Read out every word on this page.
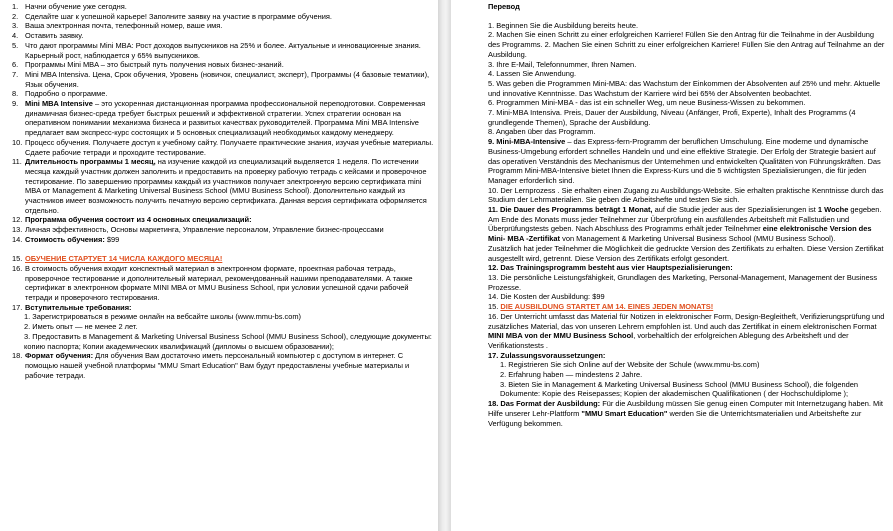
1. Начни обучение уже сегодня.
2. Сделайте шаг к успешной карьере! Заполните заявку на участие в программе обучения.
3. Ваша электронная почта, телефонный номер, ваше имя.
4. Оставить заявку.
5. Что дают программы Mini MBA: Рост доходов выпускников на 25% и более. Актуальные и инновационные знания. Карьерный рост, наблюдается у 65% выпускников.
6. Программы Mini MBA – это быстрый путь получения новых бизнес-знаний.
7. Mini MBA Intensiva. Цена, Срок обучения, Уровень (новичок, специалист, эксперт), Программы (4 базовые тематики), Язык обучения.
8. Подробно о программе.
9. Mini MBA Intensive – это ускоренная дистанционная программа профессиональной переподготовки. Современная динамичная бизнес-среда требует быстрых решений и эффективной стратегии. Успех стратегии основан на оперативном понимании механизма бизнеса и развитых качествах руководителей. Программа Mini MBA Intensive предлагает вам экспресс-курс состоящих и 5 основных специализаций необходимых каждому менеджеру.
10. Процесс обучения. Получаете доступ к учебному сайту. Получаете практические знания, изучая учебные материалы. Сдаете рабочие тетради и проходите тестирование.
11. Длительность программы 1 месяц, на изучение каждой из специализаций выделяется 1 неделя. По истечении месяца каждый участник должен заполнить и предоставить на проверку рабочую тетрадь с кейсами и проверочное тестирование. По завершению программы каждый из участников получает электронную версию сертификата mini MBA от Management & Marketing Universal Business School (MMU Business School). Дополнительно каждый из участников имеет возможность получить печатную версию сертификата. Данная версия сертификата оформляется отдельно.
12. Программа обучения состоит из 4 основных специализаций:
13. Личная эффективность, Основы маркетинга, Управление персоналом, Управление бизнес-процессами
14. Стоимость обучения: $99
15. ОБУЧЕНИЕ СТАРТУЕТ 14 ЧИСЛА КАЖДОГО МЕСЯЦА!
16. В стоимость обучения входит конспектный материал в электронном формате, проектная рабочая тетрадь, проверочное тестирование и дополнительный материал, рекомендованный нашими преподавателями. А также сертификат в электронном формате MINI MBA от MMU Business School, при условии успешной сдачи рабочей тетради и проверочного тестирования.
17. Вступительные требования:
1. Зарегистрироваться в режиме онлайн на вебсайте школы (www.mmu-bs.com)
2. Иметь опыт — не менее 2 лет.
3. Предоставить в Management & Marketing Universal Business School (MMU Business School), следующие документы: копию паспорта; Копии академических квалификаций (дипломы о высшем образовании);
18. Формат обучения: Для обучения Вам достаточно иметь персональный компьютер с доступом в интернет. С помощью нашей учебной платформы "MMU Smart Education" Вам будут предоставлены учебные материалы и рабочие тетради.
Перевод
1. Beginnen Sie die Ausbildung bereits heute.
2. Machen Sie einen Schritt zu einer erfolgreichen Karriere! Füllen Sie den Antrag für die Teilnahme in der Ausbildung des Programms. 2. Machen Sie einen Schritt zu einer erfolgreichen Karriere! Füllen Sie den Antrag auf Teilnahme an der Ausbildung.
3. Ihre E-Mail, Telefonnummer, Ihren Namen.
4. Lassen Sie Anwendung.
5. Was geben die Programmen Mini-MBA: das Wachstum der Einkommen der Absolventen auf 25% und mehr. Aktuelle und innovative Kenntnisse. Das Wachstum der Karriere wird bei 65% der Absolventen beobachtet.
6. Programmen Mini-MBA - das ist ein schneller Weg, um neue Business-Wissen zu bekommen.
7. Mini-MBA Intensiva. Preis, Dauer der Ausbildung, Niveau (Anfänger, Profi, Experte), Inhalt des Programms (4 grundlegende Themen), Sprache der Ausbildung.
8. Angaben über das Programm.
9. Mini-MBA-Intensive – das Express-fern-Programm der beruflichen Umschulung. Eine moderne und dynamische Business-Umgebung erfordert schnelles Handeln und und eine effektive Strategie. Der Erfolg der Strategie basiert auf das operativen Verständnis des Mechanismus der Unternehmen und entwickelten Qualitäten von Führungskräften. Das Programm Mini-MBA-Intensive bietet Ihnen die Express-Kurs und die 5 wichtigsten Spezialisierungen, die für jeden Manager erforderlich sind.
10. Der Lernprozess . Sie erhalten einen Zugang zu Ausbildungs-Website. Sie erhalten praktische Kenntnisse durch das Studium der Lehrmaterialien. Sie geben die Arbeitshefte und testen Sie sich.
11. Die Dauer des Programms beträgt 1 Monat, auf die Studie jeder aus der Spezialisierungen ist 1 Woche gegeben. Am Ende des Monats muss jeder Teilnehmer zur Überprüfung ein ausfüllendes Arbeitsheft mit Fallstudien und Überprüfungstests geben. Nach Abschluss des Programms erhält jeder Teilnehmer eine elektronische Version des Mini- MBA -Zertifikat von Management & Marketing Universal Business School (MMU Business School).
Zusätzlich hat jeder Teilnehmer die Möglichkeit die gedruckte Version des Zertifikats zu erhalten. Diese Version Zertifikat ausgestellt wird, getrennt. Diese Version des Zertifikats erfolgt gesondert.
12. Das Trainingsprogramm besteht aus vier Hauptspezialisierungen:
13. Die persönliche Leistungsfähigkeit, Grundlagen des Marketing, Personal-Management, Management der Business Prozesse.
14. Die Kosten der Ausbildung: $99
15. DIE AUSBILDUNG STARTET AM 14. EINES JEDEN MONATS!
16. Der Unterricht umfasst das Material für Notizen in elektronischer Form, Design-Begleitheft, Verifizierungsprüfung und zusätzliches Material, das von unseren Lehrern empfohlen ist. Und auch das Zertifikat in einem elektronischen Format MINI MBA von der MMU Business School, vorbehaltlich der erfolgreichen Ablegung des Arbeitsheft und der Verifikationstests .
17. Zulassungsvoraussetzungen:
1. Registrieren Sie sich Online auf der Website der Schule (www.mmu-bs.com)
2. Erfahrung haben — mindestens 2 Jahre.
3. Bieten Sie in Management & Marketing Universal Business School (MMU Business School), die folgenden Dokumente: Kopie des Reisepasses; Kopien der akademischen Qualifikationen ( der Hochschuldiplome );
18. Das Format der Ausbildung: Für die Ausbildung müssen Sie genug einen Computer mit Internetzugang haben. Mit Hilfe unserer Lehr-Plattform "MMU Smart Education" werden Sie die Unterrichtsmaterialien und Arbeitshefte zur Verfügung bekommen.
